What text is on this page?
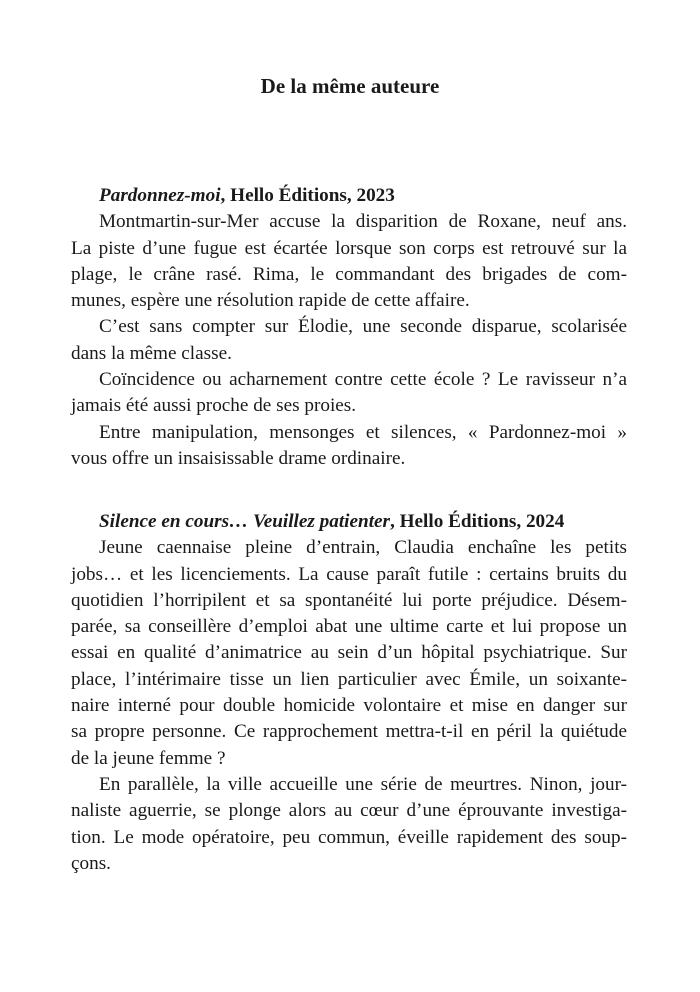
De la même auteure
Pardonnez-moi, Hello Éditions, 2023
Montmartin-sur-Mer accuse la disparition de Roxane, neuf ans.
La piste d’une fugue est écartée lorsque son corps est retrouvé sur la
plage, le crâne rasé. Rima, le commandant des brigades de com-
munes, espère une résolution rapide de cette affaire.
C’est sans compter sur Élodie, une seconde disparue, scolarisée
dans la même classe.
Coïncidence ou acharnement contre cette école ? Le ravisseur n’a
jamais été aussi proche de ses proies.
Entre manipulation, mensonges et silences, « Pardonnez-moi »
vous offre un insaisissable drame ordinaire.
Silence en cours… Veuillez patienter, Hello Éditions, 2024
Jeune caennaise pleine d’entrain, Claudia enchaîne les petits
jobs… et les licenciements. La cause paraît futile : certains bruits du
quotidien l’horripilent et sa spontanéité lui porte préjudice. Désem-
parée, sa conseillère d’emploi abat une ultime carte et lui propose un
essai en qualité d’animatrice au sein d’un hôpital psychiatrique. Sur
place, l’intérimaire tisse un lien particulier avec Émile, un soixante-
naire interné pour double homicide volontaire et mise en danger sur
sa propre personne. Ce rapprochement mettra-t-il en péril la quiétude
de la jeune femme ?
En parallèle, la ville accueille une série de meurtres. Ninon, jour-
naliste aguerrie, se plonge alors au cœur d’une éprouvante investiga-
tion. Le mode opératoire, peu commun, éveille rapidement des soup-
çons.
